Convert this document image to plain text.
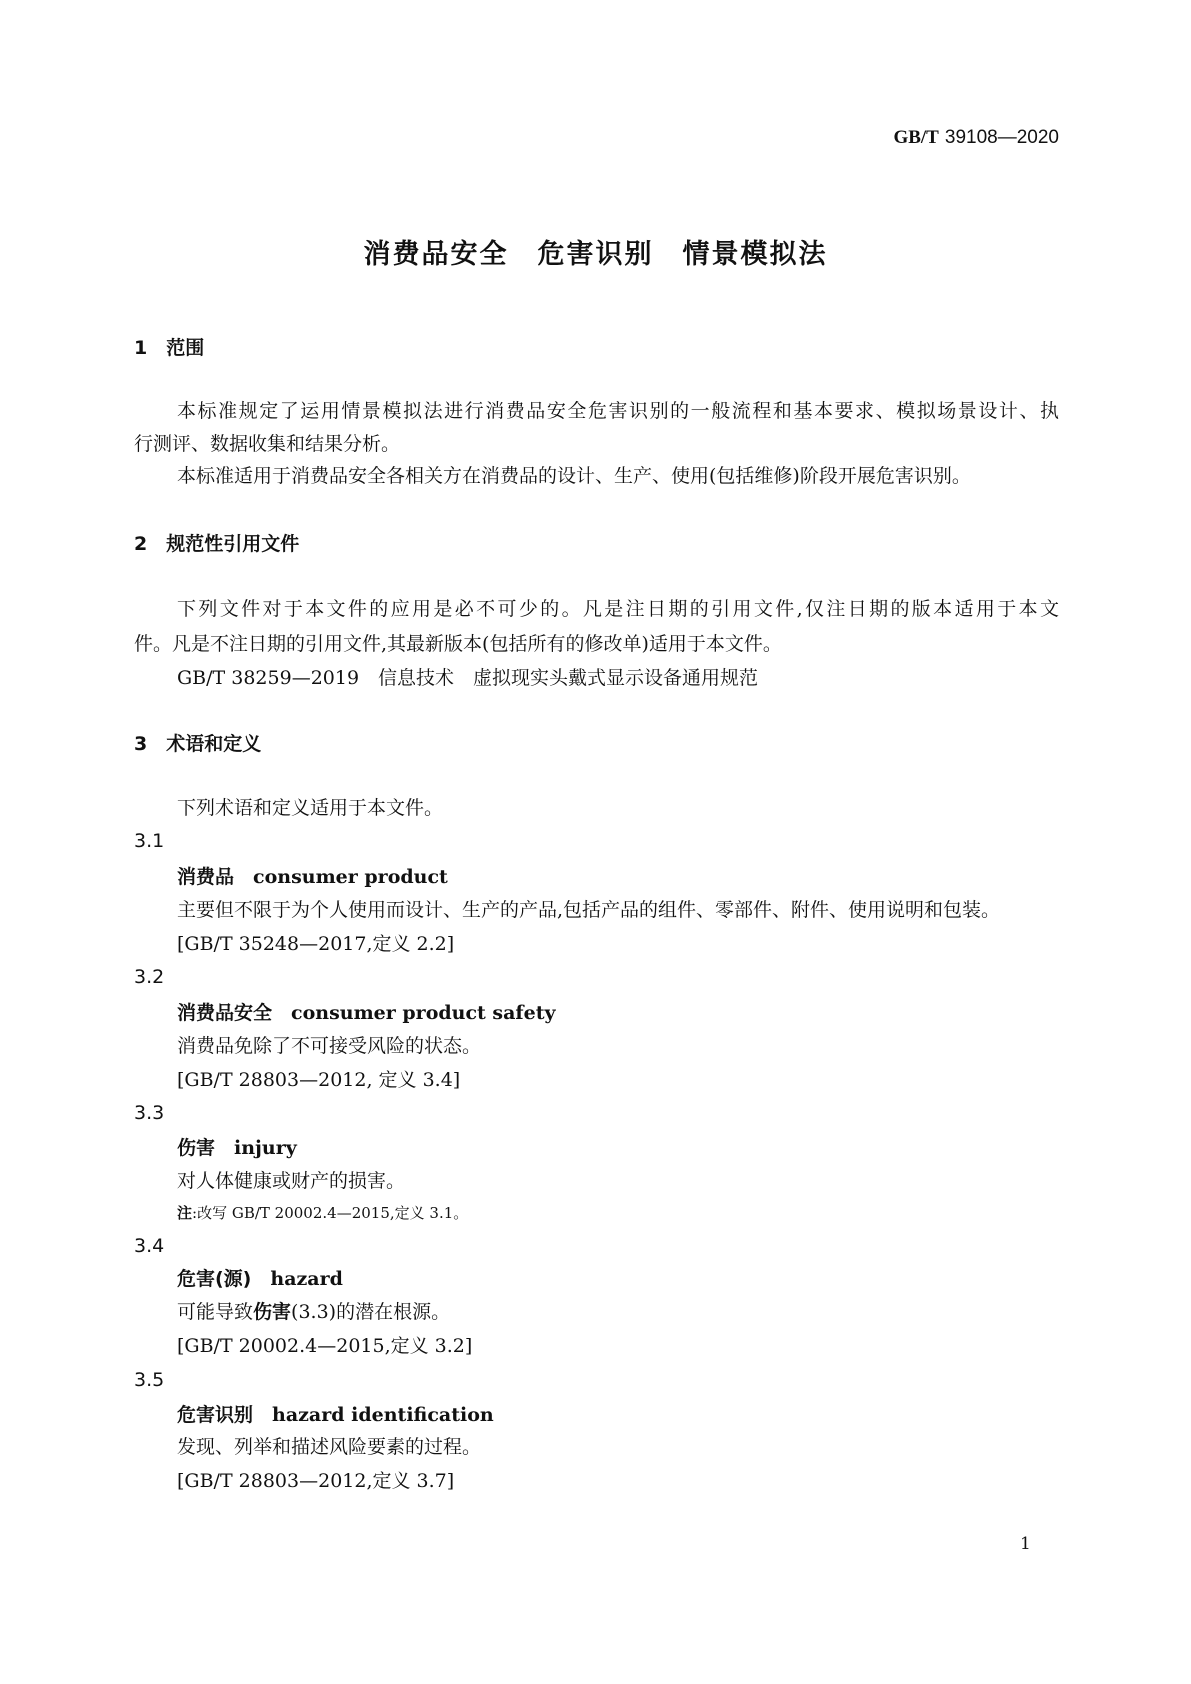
GB/T 39108—2020
消费品安全　危害识别　情景模拟法
1　范围
本标准规定了运用情景模拟法进行消费品安全危害识别的一般流程和基本要求、模拟场景设计、执
行测评、数据收集和结果分析。
本标准适用于消费品安全各相关方在消费品的设计、生产、使用(包括维修)阶段开展危害识别。
2　规范性引用文件
下列文件对于本文件的应用是必不可少的。凡是注日期的引用文件,仅注日期的版本适用于本文
件。凡是不注日期的引用文件,其最新版本(包括所有的修改单)适用于本文件。
GB/T 38259—2019　信息技术　虚拟现实头戴式显示设备通用规范
3　术语和定义
下列术语和定义适用于本文件。
3.1
消费品　consumer product
主要但不限于为个人使用而设计、生产的产品,包括产品的组件、零部件、附件、使用说明和包装。
[GB/T 35248—2017,定义 2.2]
3.2
消费品安全　consumer product safety
消费品免除了不可接受风险的状态。
[GB/T 28803—2012, 定义 3.4]
3.3
伤害　injury
对人体健康或财产的损害。
注:改写 GB/T 20002.4—2015,定义 3.1。
3.4
危害(源)　hazard
可能导致伤害(3.3)的潜在根源。
[GB/T 20002.4—2015,定义 3.2]
3.5
危害识别　hazard identification
发现、列举和描述风险要素的过程。
[GB/T 28803—2012,定义 3.7]
1
